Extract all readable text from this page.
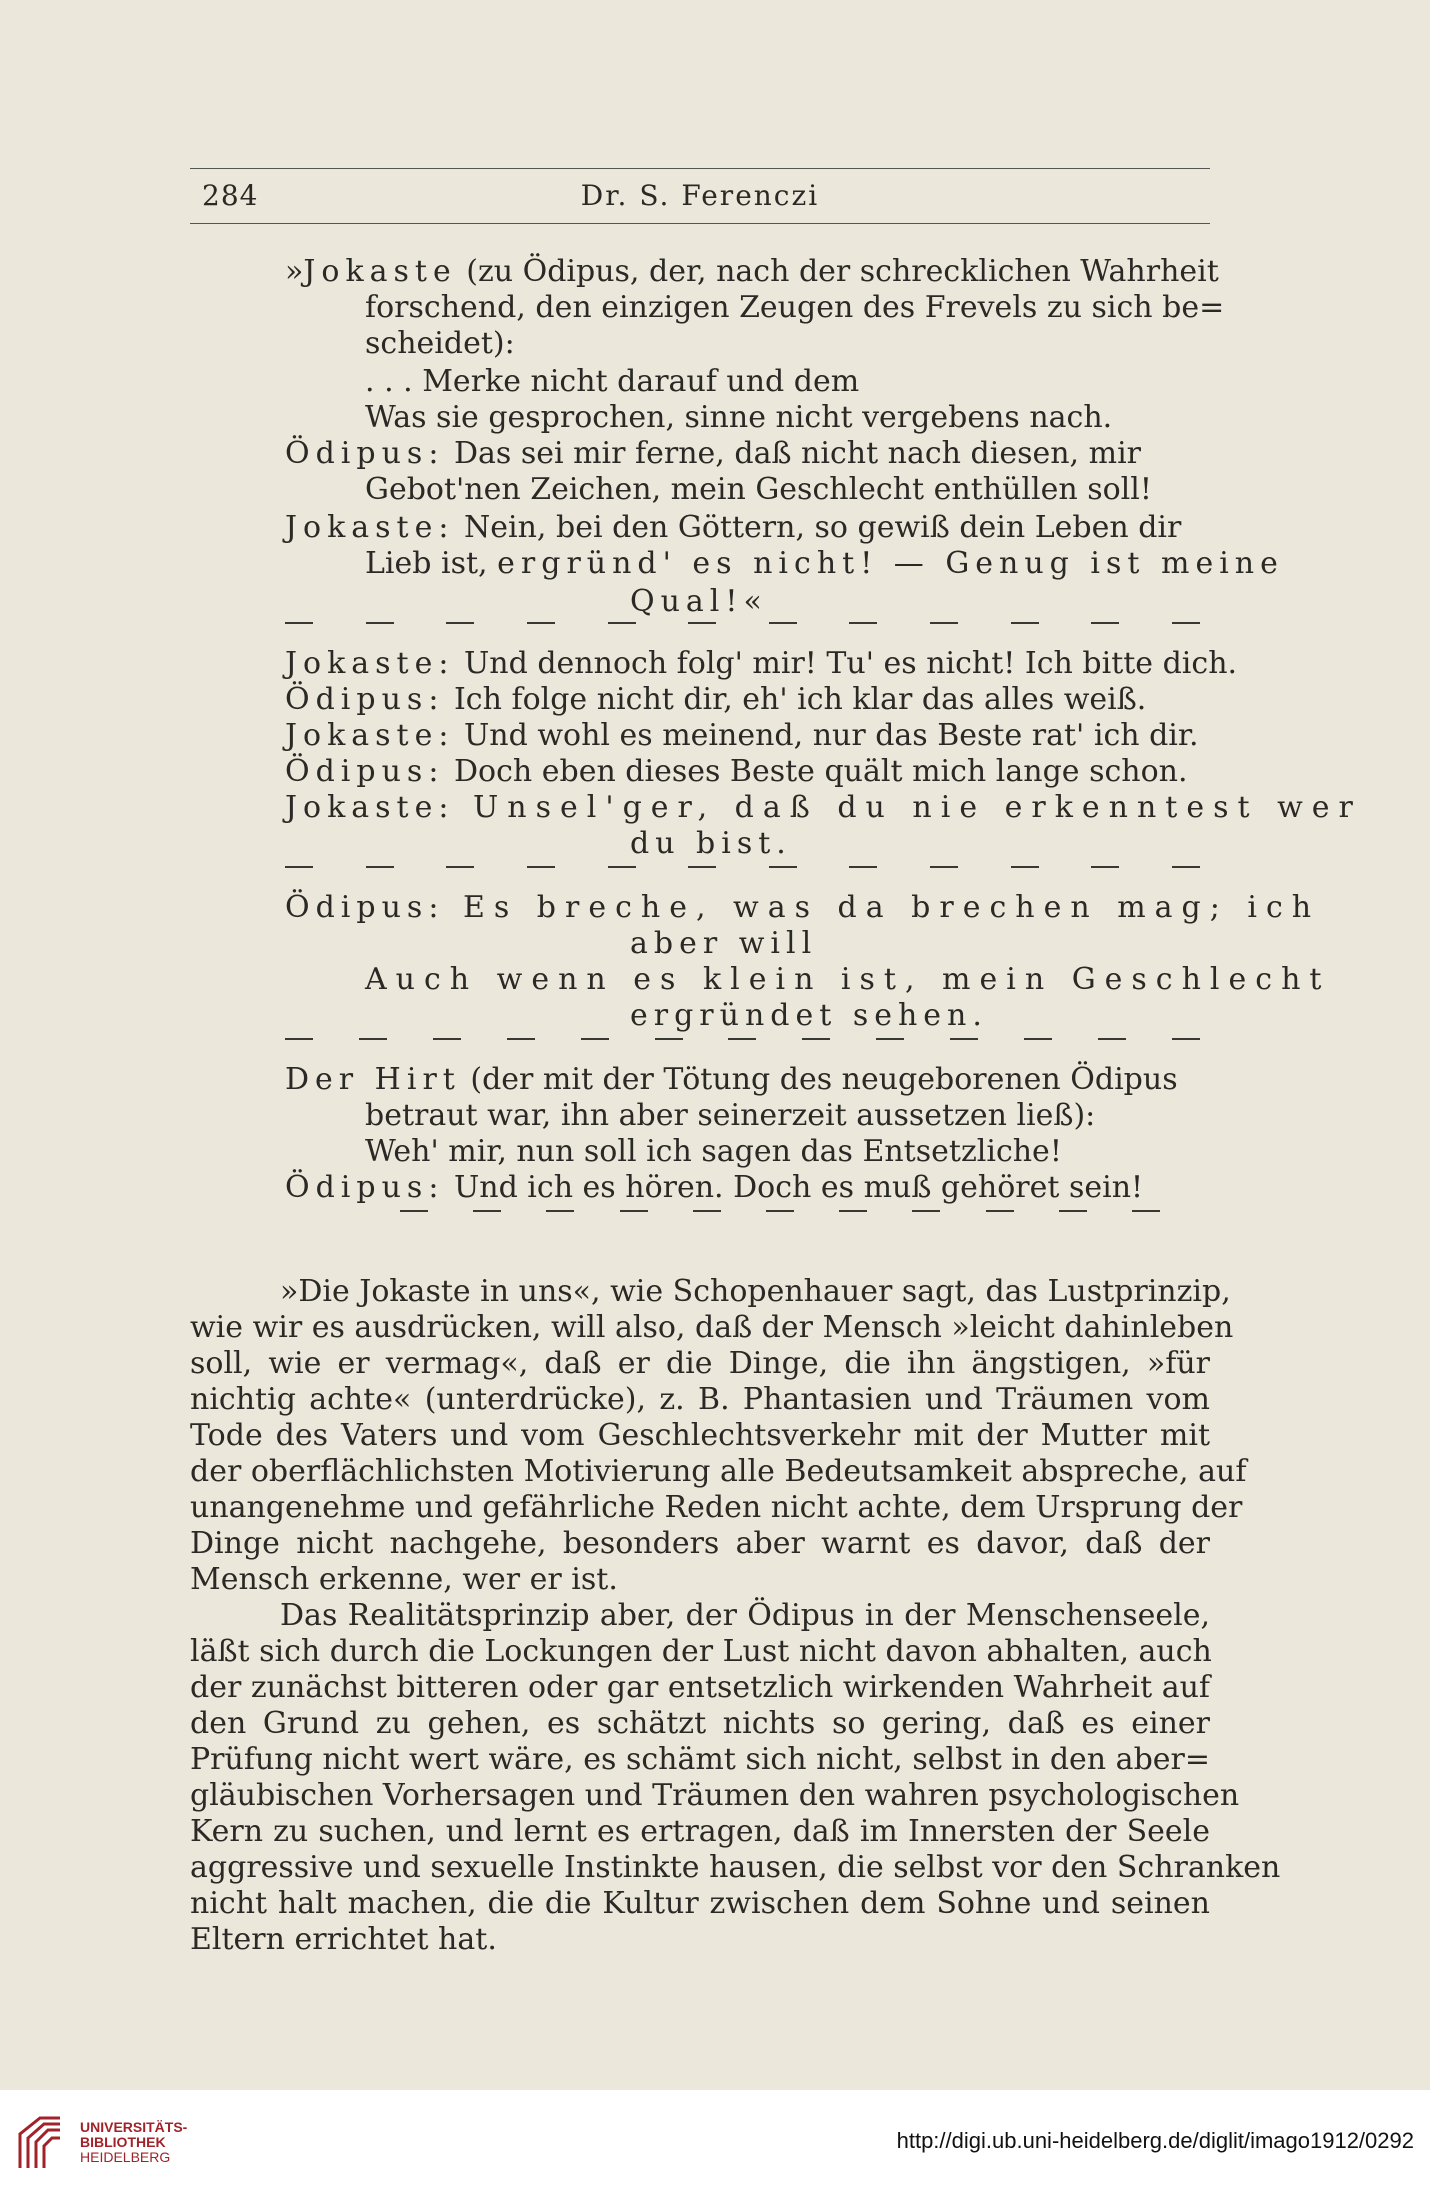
284	Dr. S. Ferenczi
»Jokaste (zu Ödipus, der, nach der schrecklichen Wahrheit
forschend, den einzigen Zeugen des Frevels zu sich be=
scheidet):
. . . Merke nicht darauf und dem
Was sie gesprochen, sinne nicht vergebens nach.
Ödipus: Das sei mir ferne, daß nicht nach diesen, mir
Gebot'nen Zeichen, mein Geschlecht enthüllen soll!
Jokaste: Nein, bei den Göttern, so gewiß dein Leben dir
Lieb ist, ergründ' es nicht! — Genug ist meine
Qual!«
Jokaste: Und dennoch folg' mir! Tu' es nicht! Ich bitte dich.
Ödipus: Ich folge nicht dir, eh' ich klar das alles weiß.
Jokaste: Und wohl es meinend, nur das Beste rat' ich dir.
Ödipus: Doch eben dieses Beste quält mich lange schon.
Jokaste: Unsel'ger, daß du nie erkenntest wer
du bist.
Ödipus: Es breche, was da brechen mag; ich
aber will
Auch wenn es klein ist, mein Geschlecht
ergründet sehen.
Der Hirt (der mit der Tötung des neugeborenen Ödipus
betraut war, ihn aber seinerzeit aussetzen ließ):
Weh' mir, nun soll ich sagen das Entsetzliche!
Ödipus: Und ich es hören. Doch es muß gehöret sein!
»Die Jokaste in uns«, wie Schopenhauer sagt, das Lustprinzip,
wie wir es ausdrücken, will also, daß der Mensch »leicht dahinleben
soll, wie er vermag«, daß er die Dinge, die ihn ängstigen, »für
nichtig achte« (unterdrücke), z. B. Phantasien und Träumen vom
Tode des Vaters und vom Geschlechtsverkehr mit der Mutter mit
der oberflächlichsten Motivierung alle Bedeutsamkeit abspreche, auf
unangenehme und gefährliche Reden nicht achte, dem Ursprung der
Dinge nicht nachgehe, besonders aber warnt es davor, daß der
Mensch erkenne, wer er ist.
Das Realitätsprinzip aber, der Ödipus in der Menschenseele,
läßt sich durch die Lockungen der Lust nicht davon abhalten, auch
der zunächst bitteren oder gar entsetzlich wirkenden Wahrheit auf
den Grund zu gehen, es schätzt nichts so gering, daß es einer
Prüfung nicht wert wäre, es schämt sich nicht, selbst in den aber=
gläubischen Vorhersagen und Träumen den wahren psychologischen
Kern zu suchen, und lernt es ertragen, daß im Innersten der Seele
aggressive und sexuelle Instinkte hausen, die selbst vor den Schranken
nicht halt machen, die die Kultur zwischen dem Sohne und seinen
Eltern errichtet hat.
UNIVERSITÄTS-
BIBLIOTHEK
HEIDELBERG
http://digi.ub.uni-heidelberg.de/diglit/imago1912/0292
